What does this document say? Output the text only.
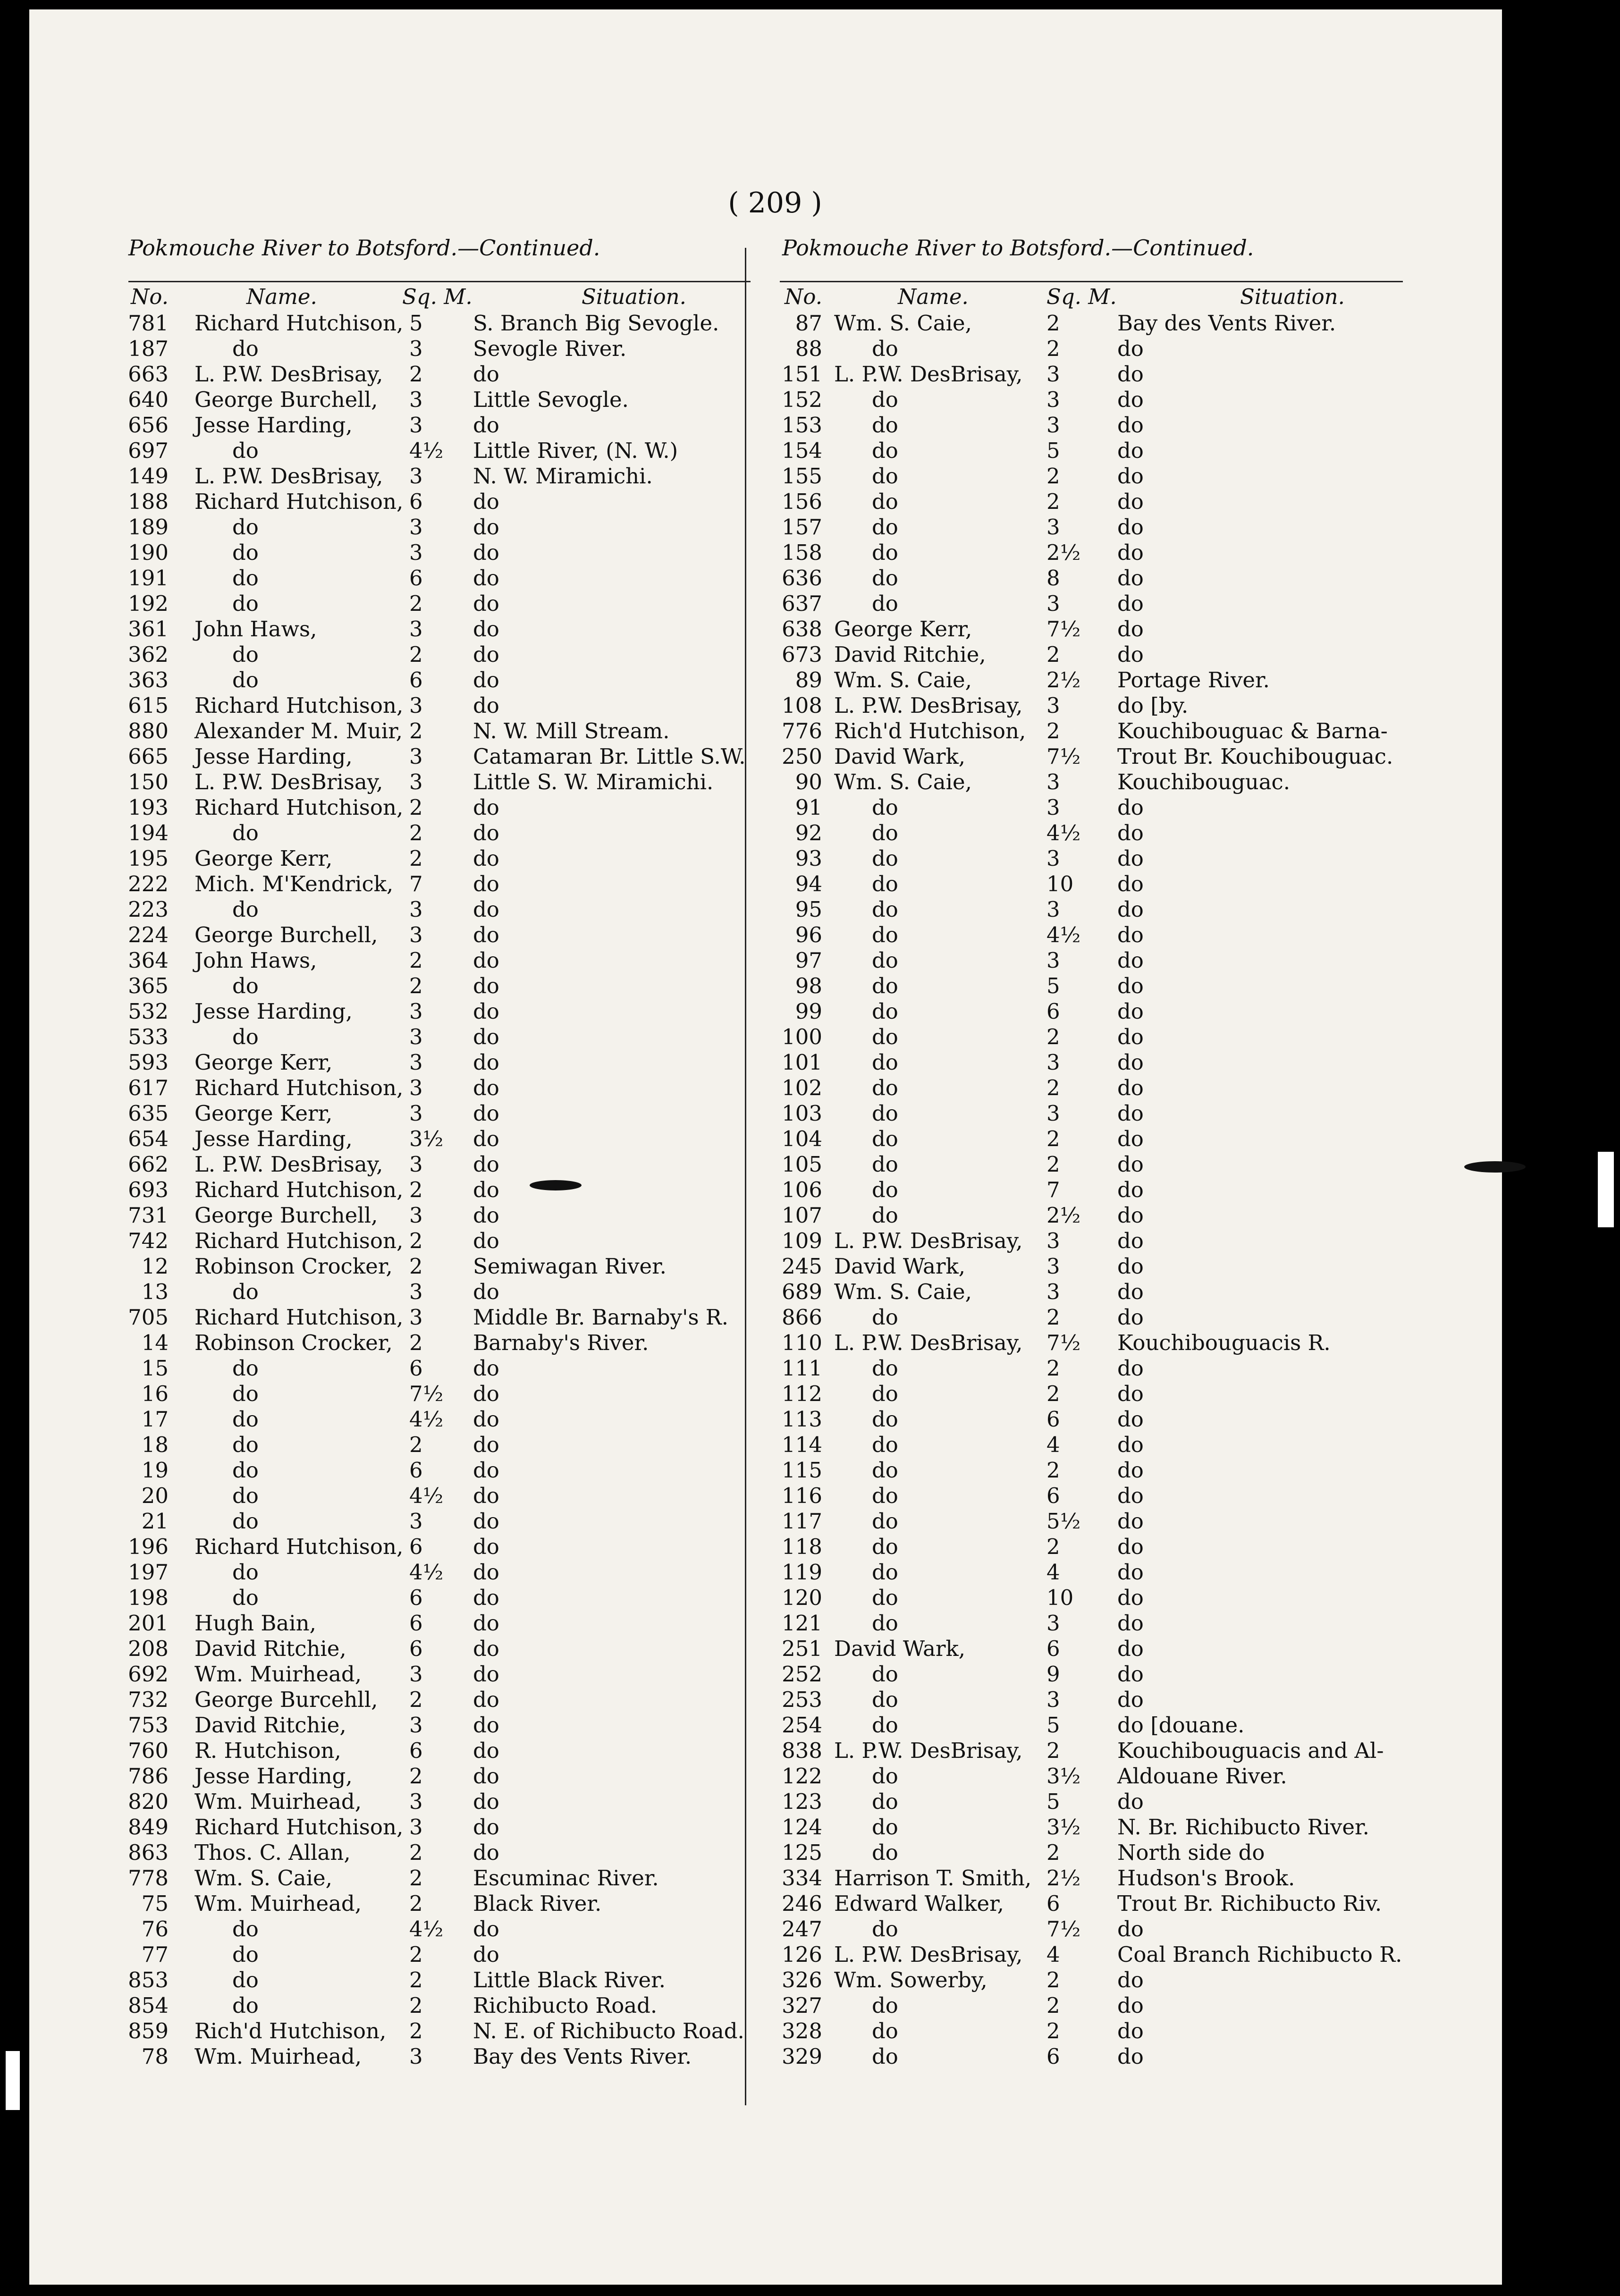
( 209 )
Pokmouche River to Botsford.—Continued.	Pokmouche River to Botsford.—Continued.
No.	Name.	Sq. M.	Situation.
781 Richard Hutchison, 5	S. Branch Big Sevogle.
187	do	3	Sevogle River.
663 L. P.W. DesBrisay, 2	do
640 George Burchell, 3	Little Sevogle.
656 Jesse Harding,	3	do
697	do	4½	Little River, (N. W.)
149 L. P.W. DesBrisay, 3	N. W. Miramichi.
188 Richard Hutchison, 6	do
189	do	3	do
190	do	3	do
191	do	6	do
192	do	2	do
361 John Haws,	3	do
362	do	2	do
363	do	6	do
615 Richard Hutchison, 3	do
880 Alexander M. Muir, 2	N. W. Mill Stream.
665 Jesse Harding,	3	Catamaran Br. Little S.W.
150 L. P.W. DesBrisay, 3	Little S. W. Miramichi.
193 Richard Hutchison, 2	do
194	do	2	do
195 George Kerr,	2	do
222 Mich. M'Kendrick, 7	do
223	do	3	do
224 George Burchell, 3	do
364 John Haws,	2	do
365	do	2	do
532 Jesse Harding,	3	do
533	do	3	do
593 George Kerr,	3	do
617 Richard Hutchison, 3	do
635 George Kerr,	3	do
654 Jesse Harding,	3½	do
662 L. P.W. DesBrisay, 3	do
693 Richard Hutchison, 2	do
731 George Burchell, 3	do
742 Richard Hutchison, 2	do
12 Robinson Crocker, 2	Semiwagan River.
13	do	3	do
705 Richard Hutchison, 3	Middle Br. Barnaby's R.
14 Robinson Crocker, 2	Barnaby's River.
15	do	6	do
16	do	7½	do
17	do	4½	do
18	do	2	do
19	do	6	do
20	do	4½	do
21	do	3	do
196 Richard Hutchison, 6	do
197	do	4½	do
198	do	6	do
201 Hugh Bain,	6	do
208 David Ritchie,	6	do
692 Wm. Muirhead, 3	do
732 George Burcehll, 2	do
753 David Ritchie,	3	do
760 R. Hutchison,	6	do
786 Jesse Harding,	2	do
820 Wm. Muirhead, 3	do
849 Richard Hutchison, 3	do
863 Thos. C. Allan,	2	do
778 Wm. S. Caie,	2	Escuminac River.
75 Wm. Muirhead, 2	Black River.
76	do	4½	do
77	do	2	do
853	do	2	Little Black River.
854	do	2	Richibucto Road.
859 Rich'd Hutchison, 2	N. E. of Richibucto Road.
78 Wm. Muirhead, 3	Bay des Vents River.
No.	Name.	Sq. M.	Situation.
87 Wm. S. Caie,	2	Bay des Vents River.
88	do	2	do
151 L. P.W. DesBrisay, 3	do
152	do	3	do
153	do	3	do
154	do	5	do
155	do	2	do
156	do	2	do
157	do	3	do
158	do	2½	do
636	do	8	do
637	do	3	do
638 George Kerr,	7½	do
673 David Ritchie,	2	do
89 Wm. S. Caie,	2½	Portage River.
108 L. P.W. DesBrisay, 3	do [by.
776 Rich'd Hutchison, 2	Kouchibouguac & Barna-
250 David Wark,	7½	Trout Br. Kouchibouguac.
90 Wm. S. Caie,	3	Kouchibouguac.
91	do	3	do
92	do	4½	do
93	do	3	do
94	do	10	do
95	do	3	do
96	do	4½	do
97	do	3	do
98	do	5	do
99	do	6	do
100	do	2	do
101	do	3	do
102	do	2	do
103	do	3	do
104	do	2	do
105	do	2	do
106	do	7	do
107	do	2½	do
109 L. P.W. DesBrisay, 3	do
245 David Wark,	3	do
689 Wm. S. Caie,	3	do
866	do	2	do
110 L. P.W. DesBrisay, 7½	Kouchibouguacis R.
111	do	2	do
112	do	2	do
113	do	6	do
114	do	4	do
115	do	2	do
116	do	6	do
117	do	5½	do
118	do	2	do
119	do	4	do
120	do	10	do
121	do	3	do
251 David Wark,	6	do
252	do	9	do
253	do	3	do
254	do	5	do [douane.
838 L. P.W. DesBrisay, 2	Kouchibouguacis and Al-
122	do	3½	Aldouane River.
123	do	5	do
124	do	3½	N. Br. Richibucto River.
125	do	2	North side do
334 Harrison T. Smith, 2½	Hudson's Brook.
246 Edward Walker, 6	Trout Br. Richibucto Riv.
247	do	7½	do
126 L. P.W. DesBrisay, 4	Coal Branch Richibucto R.
326 Wm. Sowerby,	2	do
327	do	2	do
328	do	2	do
329	do	6	do
